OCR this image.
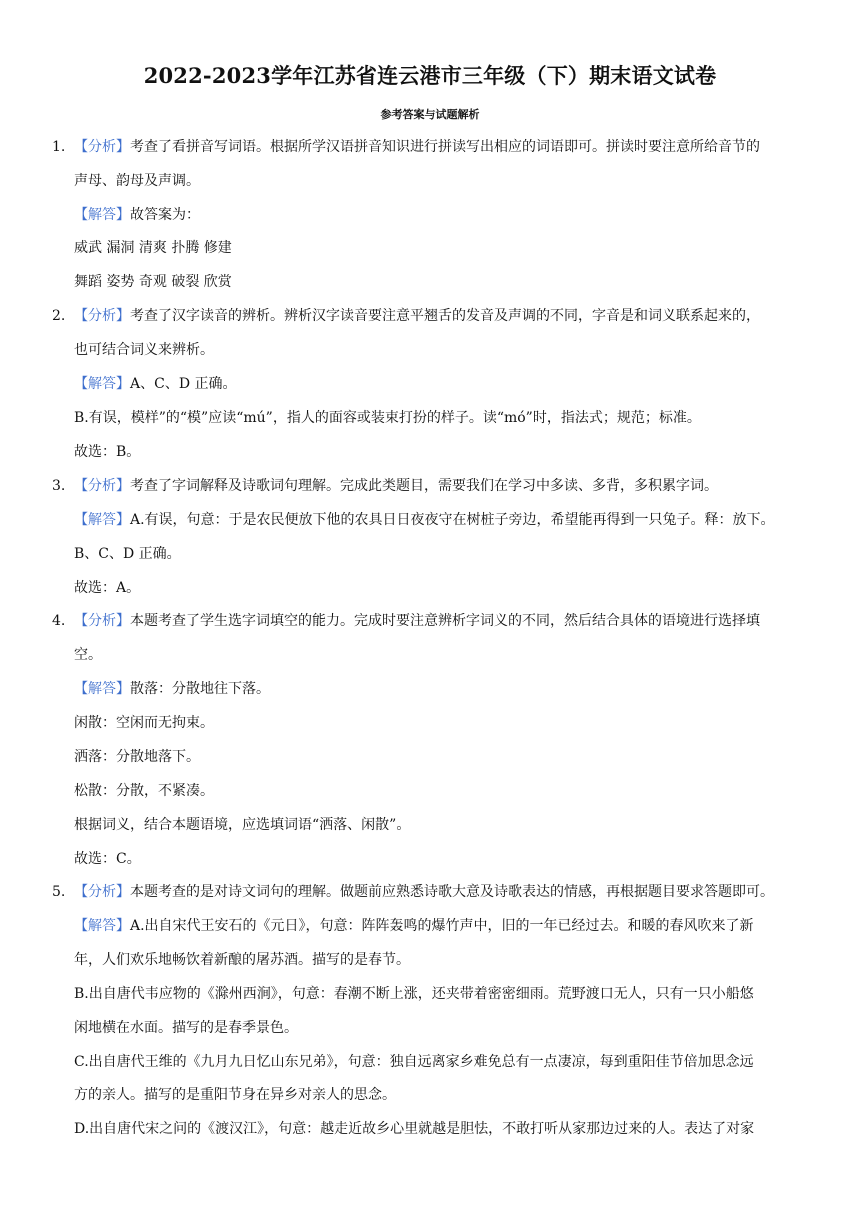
2022-2023学年江苏省连云港市三年级（下）期末语文试卷
参考答案与试题解析
1. 【分析】考查了看拼音写词语。根据所学汉语拼音知识进行拼读写出相应的词语即可。拼读时要注意所给音节的
声母、韵母及声调。
【解答】故答案为：
威武 漏洞 清爽 扑腾 修建
舞蹈 姿势 奇观 破裂 欣赏
2. 【分析】考查了汉字读音的辨析。辨析汉字读音要注意平翘舌的发音及声调的不同，字音是和词义联系起来的，
也可结合词义来辨析。
【解答】A、C、D 正确。
B.有误，模样”的“模”应读“mú”，指人的面容或装束打扮的样子。读“mó”时，指法式；规范；标准。
故选：B。
3. 【分析】考查了字词解释及诗歌词句理解。完成此类题目，需要我们在学习中多读、多背，多积累字词。
【解答】A.有误，句意：于是农民便放下他的农具日日夜夜守在树桩子旁边，希望能再得到一只兔子。释：放下。
B、C、D 正确。
故选：A。
4. 【分析】本题考查了学生选字词填空的能力。完成时要注意辨析字词义的不同，然后结合具体的语境进行选择填
空。
【解答】散落：分散地往下落。
闲散：空闲而无拘束。
洒落：分散地落下。
松散：分散，不紧凑。
根据词义，结合本题语境，应选填词语“洒落、闲散”。
故选：C。
5. 【分析】本题考查的是对诗文词句的理解。做题前应熟悉诗歌大意及诗歌表达的情感，再根据题目要求答题即可。
【解答】A.出自宋代王安石的《元日》，句意：阵阵轰鸣的爆竹声中，旧的一年已经过去。和暖的春风吹来了新
年，人们欢乐地畅饮着新酿的屠苏酒。描写的是春节。
B.出自唐代韦应物的《滁州西涧》，句意：春潮不断上涨，还夹带着密密细雨。荒野渡口无人，只有一只小船悠
闲地横在水面。描写的是春季景色。
C.出自唐代王维的《九月九日忆山东兄弟》，句意：独自远离家乡难免总有一点凄凉，每到重阳佳节倍加思念远
方的亲人。描写的是重阳节身在异乡对亲人的思念。
D.出自唐代宋之问的《渡汉江》，句意：越走近故乡心里就越是胆怯，不敢打听从家那边过来的人。表达了对家
